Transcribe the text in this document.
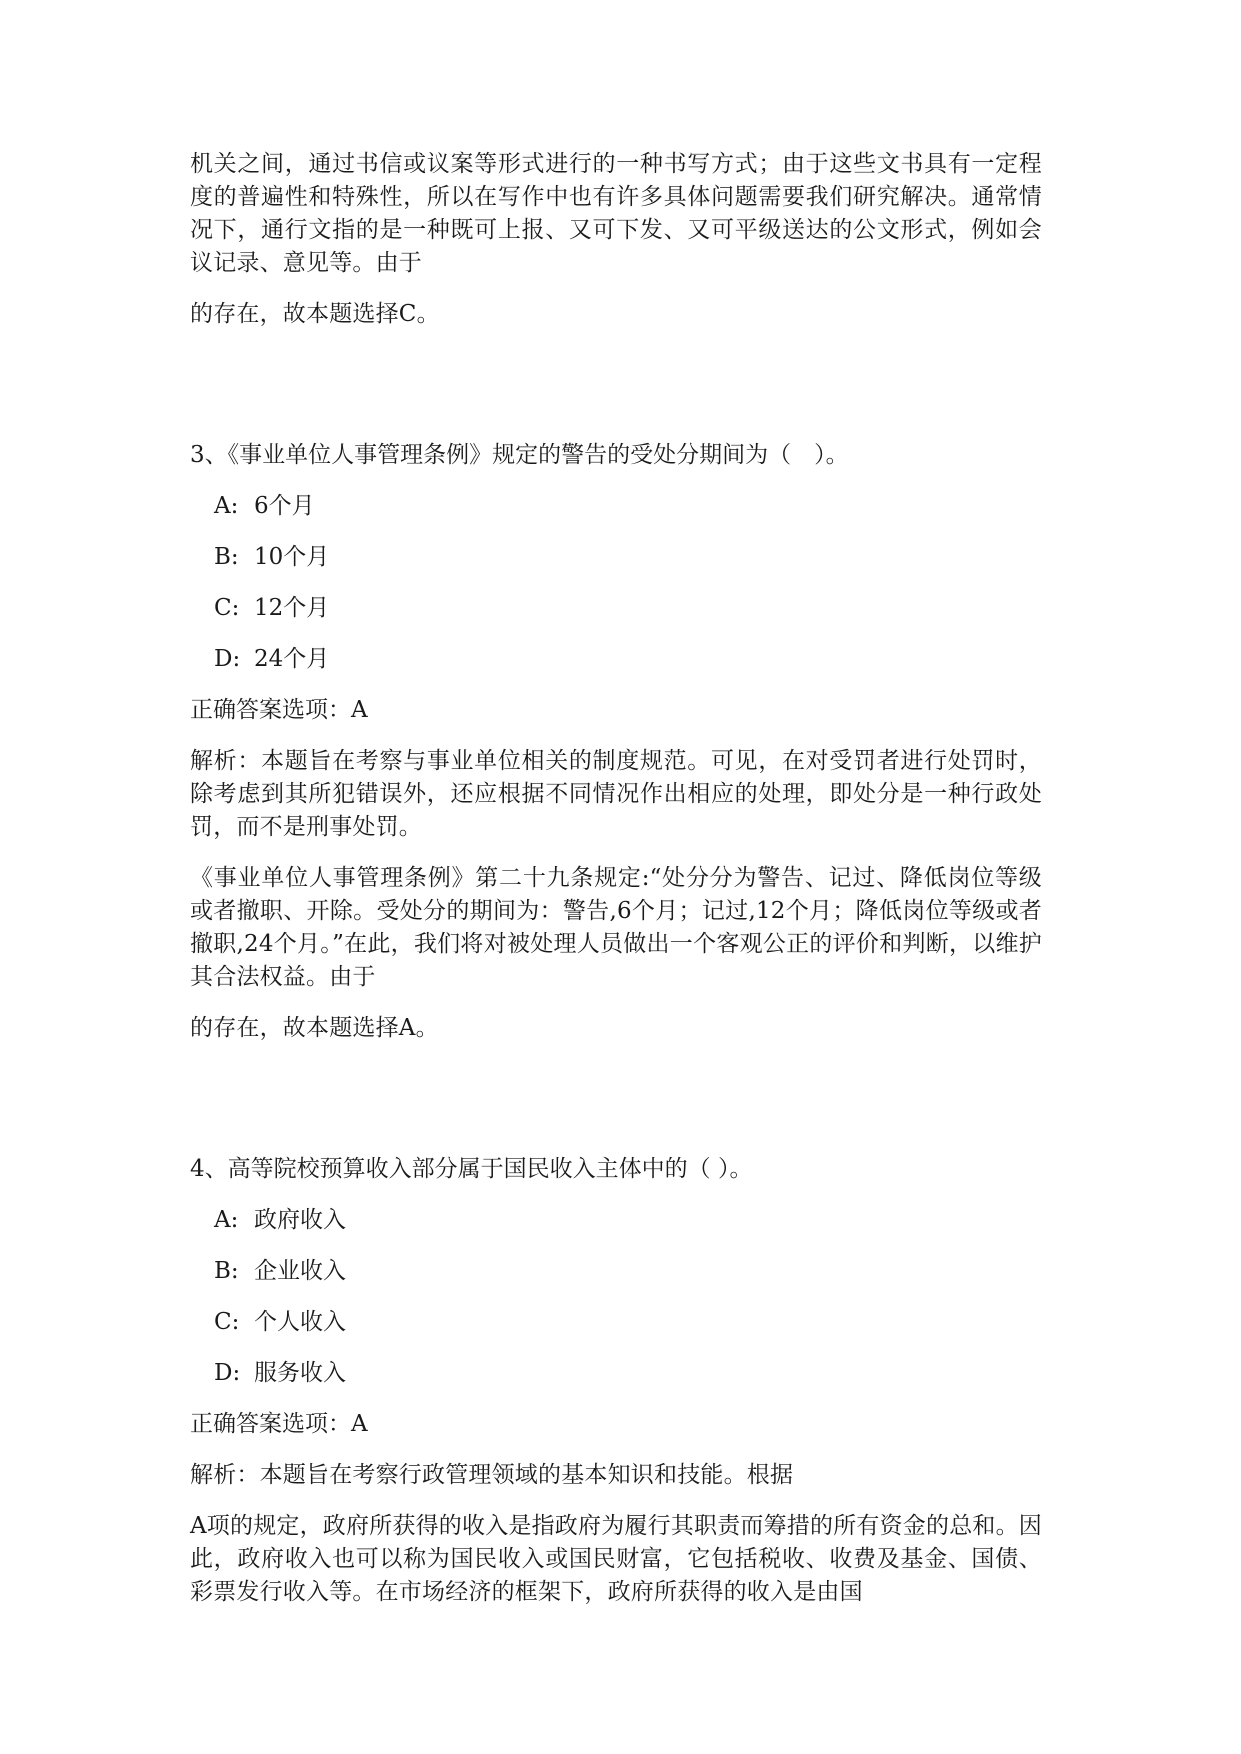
机关之间，通过书信或议案等形式进行的一种书写方式；由于这些文书具有一定程度的普遍性和特殊性，所以在写作中也有许多具体问题需要我们研究解决。通常情况下，通行文指的是一种既可上报、又可下发、又可平级送达的公文形式，例如会议记录、意见等。由于

的存在，故本题选择C。

3、《事业单位人事管理条例》规定的警告的受处分期间为（　）。

A: 6个月

B: 10个月

C: 12个月

D: 24个月

正确答案选项：A

解析：本题旨在考察与事业单位相关的制度规范。可见，在对受罚者进行处罚时，除考虑到其所犯错误外，还应根据不同情况作出相应的处理，即处分是一种行政处罚，而不是刑事处罚。

《事业单位人事管理条例》第二十九条规定:“处分分为警告、记过、降低岗位等级或者撤职、开除。受处分的期间为：警告,6个月；记过,12个月；降低岗位等级或者撤职,24个月。”在此，我们将对被处理人员做出一个客观公正的评价和判断，以维护其合法权益。由于

的存在，故本题选择A。

4、高等院校预算收入部分属于国民收入主体中的（ ）。

A: 政府收入

B: 企业收入

C: 个人收入

D: 服务收入

正确答案选项：A

解析：本题旨在考察行政管理领域的基本知识和技能。根据

A项的规定，政府所获得的收入是指政府为履行其职责而筹措的所有资金的总和。因此，政府收入也可以称为国民收入或国民财富，它包括税收、收费及基金、国债、彩票发行收入等。在市场经济的框架下，政府所获得的收入是由国
